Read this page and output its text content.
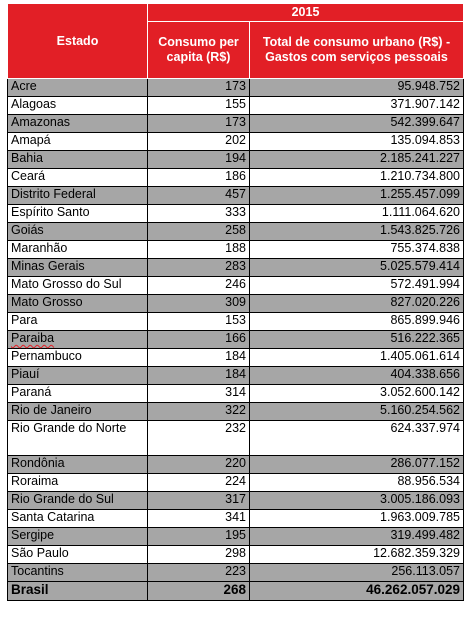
Estado	2015	
	Consumo per capita (R$)	Total de consumo urbano (R$) - Gastos com serviços pessoais
Acre	173	95.948.752
Alagoas	155	371.907.142
Amazonas	173	542.399.647
Amapá	202	135.094.853
Bahia	194	2.185.241.227
Ceará	186	1.210.734.800
Distrito Federal	457	1.255.457.099
Espírito Santo	333	1.111.064.620
Goiás	258	1.543.825.726
Maranhão	188	755.374.838
Minas Gerais	283	5.025.579.414
Mato Grosso do Sul	246	572.491.994
Mato Grosso	309	827.020.226
Para	153	865.899.946
Paraiba	166	516.222.365
Pernambuco	184	1.405.061.614
Piauí	184	404.338.656
Paraná	314	3.052.600.142
Rio de Janeiro	322	5.160.254.562
Rio Grande do Norte	232	624.337.974
Rondônia	220	286.077.152
Roraima	224	88.956.534
Rio Grande do Sul	317	3.005.186.093
Santa Catarina	341	1.963.009.785
Sergipe	195	319.499.482
São Paulo	298	12.682.359.329
Tocantins	223	256.113.057
Brasil	268	46.262.057.029
